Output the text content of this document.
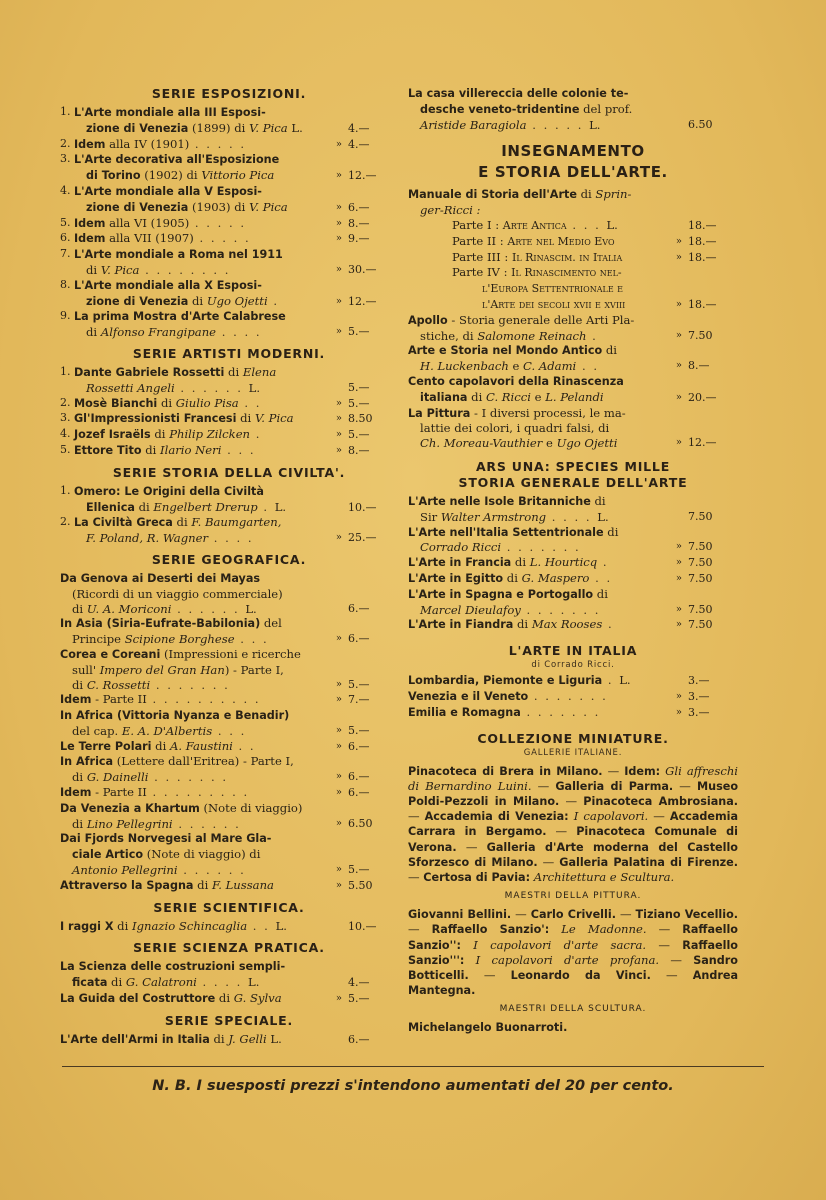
SERIE ESPOSIZIONI.
1. L'Arte mondiale alla III Esposi-
zione di Venezia (1899) di V. Pica L.	4.—
2. Idem alla IV (1901) . . . . .	» 4.—
3. L'Arte decorativa all'Esposizione
di Torino (1902) di Vittorio Pica	» 12.—
4. L'Arte mondiale alla V Esposi-
zione di Venezia (1903) di V. Pica	» 6.—
5. Idem alla VI (1905) . . . . .	» 8.—
6. Idem alla VII (1907) . . . . .	» 9.—
7. L'Arte mondiale a Roma nel 1911
di V. Pica . . . . . . . .	» 30.—
8. L'Arte mondiale alla X Esposi-
zione di Venezia di Ugo Ojetti .	» 12.—
9. La prima Mostra d'Arte Calabrese
di Alfonso Frangipane . . . .	» 5.—
SERIE ARTISTI MODERNI.
1. Dante Gabriele Rossetti di Elena
Rossetti Angeli . . . . . . L.	5.—
2. Mosè Bianchi di Giulio Pisa . .	» 5.—
3. Gl'Impressionisti Francesi di V. Pica	» 8.50
4. Jozef Israëls di Philip Zilcken .	» 5.—
5. Ettore Tito di Ilario Neri . . .	» 8.—
SERIE STORIA DELLA CIVILTA'.
1. Omero: Le Origini della Civiltà
Ellenica di Engelbert Drerup . L.	10.—
2. La Civiltà Greca di F. Baumgarten,
F. Poland, R. Wagner . . . .	» 25.—
SERIE GEOGRAFICA.
Da Genova ai Deserti dei Mayas
(Ricordi di un viaggio commerciale)
di U. A. Moriconi . . . . . . L.	6.—
In Asia (Siria-Eufrate-Babilonia) del
Principe Scipione Borghese . . .	» 6.—
Corea e Coreani (Impressioni e ricerche
sull' Impero del Gran Han) - Parte I,
di C. Rossetti . . . . . . .	» 5.—
Idem - Parte II . . . . . . . . . .	» 7.—
In Africa (Vittoria Nyanza e Benadir)
del cap. E. A. D'Albertis . . .	» 5.—
Le Terre Polari di A. Faustini . .	» 6.—
In Africa (Lettere dall'Eritrea) - Parte I,
di G. Dainelli . . . . . . .	» 6.—
Idem - Parte II . . . . . . . . .	» 6.—
Da Venezia a Khartum (Note di viaggio)
di Lino Pellegrini . . . . . .	» 6.50
Dai Fjords Norvegesi al Mare Gla-
ciale Artico (Note di viaggio) di
Antonio Pellegrini . . . . . .	» 5.—
Attraverso la Spagna di F. Lussana	» 5.50
SERIE SCIENTIFICA.
I raggi X di Ignazio Schincaglia . . L.	10.—
SERIE SCIENZA PRATICA.
La Scienza delle costruzioni sempli-
ficata di G. Calatroni . . . . L.	4.—
La Guida del Costruttore di G. Sylva	» 5.—
SERIE SPECIALE.
L'Arte dell'Armi in Italia di J. Gelli L.	6.—
La casa villereccia delle colonie te-
desche veneto-tridentine del prof.
Aristide Baragiola . . . . . L.	6.50
INSEGNAMENTO
E STORIA DELL'ARTE.
Manuale di Storia dell'Arte di Sprin-
ger-Ricci :
Parte I : Arte Antica . . . L.	18.—
Parte II : Arte nel Medio Evo	» 18.—
Parte III : Il Rinascim. in Italia	» 18.—
Parte IV : Il Rinascimento nel-
l'Europa Settentrionale e
l'Arte dei secoli xvii e xviii	» 18.—
Apollo - Storia generale delle Arti Pla-
stiche, di Salomone Reinach .	» 7.50
Arte e Storia nel Mondo Antico di
H. Luckenbach e C. Adami . .	» 8.—
Cento capolavori della Rinascenza
italiana di C. Ricci e L. Pelandi	» 20.—
La Pittura - I diversi processi, le ma-
lattie dei colori, i quadri falsi, di
Ch. Moreau-Vauthier e Ugo Ojetti	» 12.—
ARS UNA: SPECIES MILLE
STORIA GENERALE DELL'ARTE
L'Arte nelle Isole Britanniche di
Sir Walter Armstrong . . . . L.	7.50
L'Arte nell'Italia Settentrionale di
Corrado Ricci . . . . . . .	» 7.50
L'Arte in Francia di L. Hourticq .	» 7.50
L'Arte in Egitto di G. Maspero . .	» 7.50
L'Arte in Spagna e Portogallo di
Marcel Dieulafoy . . . . . . .	» 7.50
L'Arte in Fiandra di Max Rooses .	» 7.50
L'ARTE IN ITALIA
di Corrado Ricci.
Lombardia, Piemonte e Liguria . L.	3.—
Venezia e il Veneto . . . . . . .	» 3.—
Emilia e Romagna . . . . . . .	» 3.—
COLLEZIONE MINIATURE.
GALLERIE ITALIANE.
Pinacoteca di Brera in Milano. — Idem: Gli affreschi di Bernardino Luini. — Galleria di Parma. — Museo Poldi-Pezzoli in Milano. — Pinacoteca Ambrosiana. — Accademia di Venezia: I capolavori. — Accademia Carrara in Bergamo. — Pinacoteca Comunale di Verona. — Galleria d'Arte moderna del Castello Sforzesco di Milano. — Galleria Palatina di Firenze. — Certosa di Pavia: Architettura e Scultura.
MAESTRI DELLA PITTURA.
Giovanni Bellini. — Carlo Crivelli. — Tiziano Vecellio. — Raffaello Sanzio': Le Madonne. — Raffaello Sanzio'': I capolavori d'arte sacra. — Raffaello Sanzio''': I capolavori d'arte profana. — Sandro Botticelli. — Leonardo da Vinci. — Andrea Mantegna.
MAESTRI DELLA SCULTURA.
Michelangelo Buonarroti.
N. B. I suesposti prezzi s'intendono aumentati del 20 per cento.
